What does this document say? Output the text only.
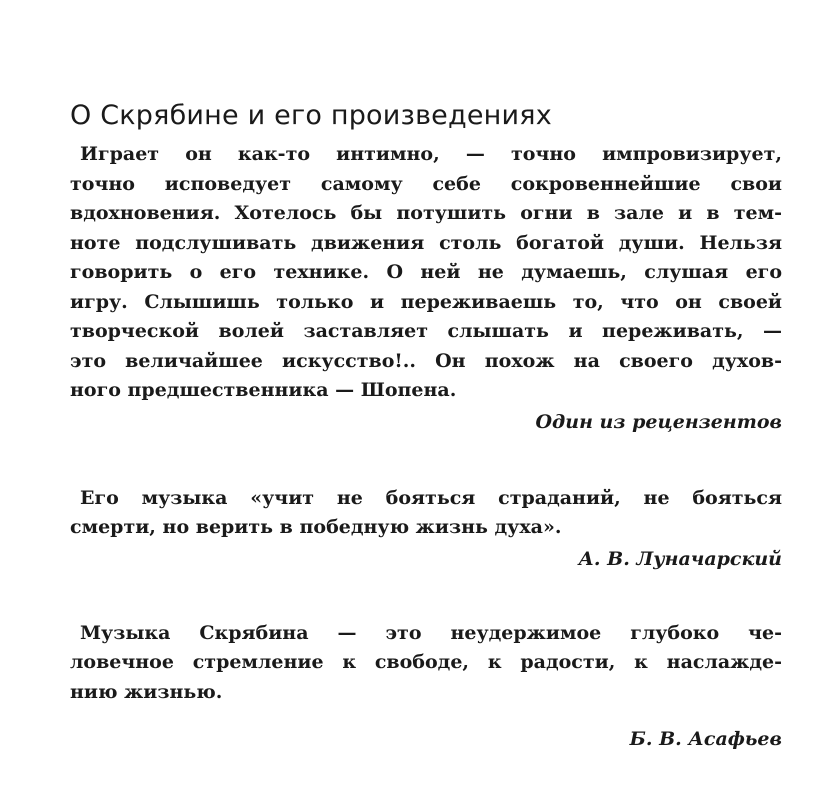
О Скрябине и его произведениях

Играет он как-то интимно, — точно импровизирует,
точно исповедует самому себе сокровеннейшие свои
вдохновения. Хотелось бы потушить огни в зале и в тем-
ноте подслушивать движения столь богатой души. Нельзя
говорить о его технике. О ней не думаешь, слушая его
игру. Слышишь только и переживаешь то, что он своей
творческой волей заставляет слышать и переживать, —
это величайшее искусство!.. Он похож на своего духов-
ного предшественника — Шопена.

Один из рецензентов

Его музыка «учит не бояться страданий, не бояться
смерти, но верить в победную жизнь духа».

А. В. Луначарский

Музыка Скрябина — это неудержимое глубоко че-
ловечное стремление к свободе, к радости, к наслажде-
нию жизнью.

Б. В. Асафьев
